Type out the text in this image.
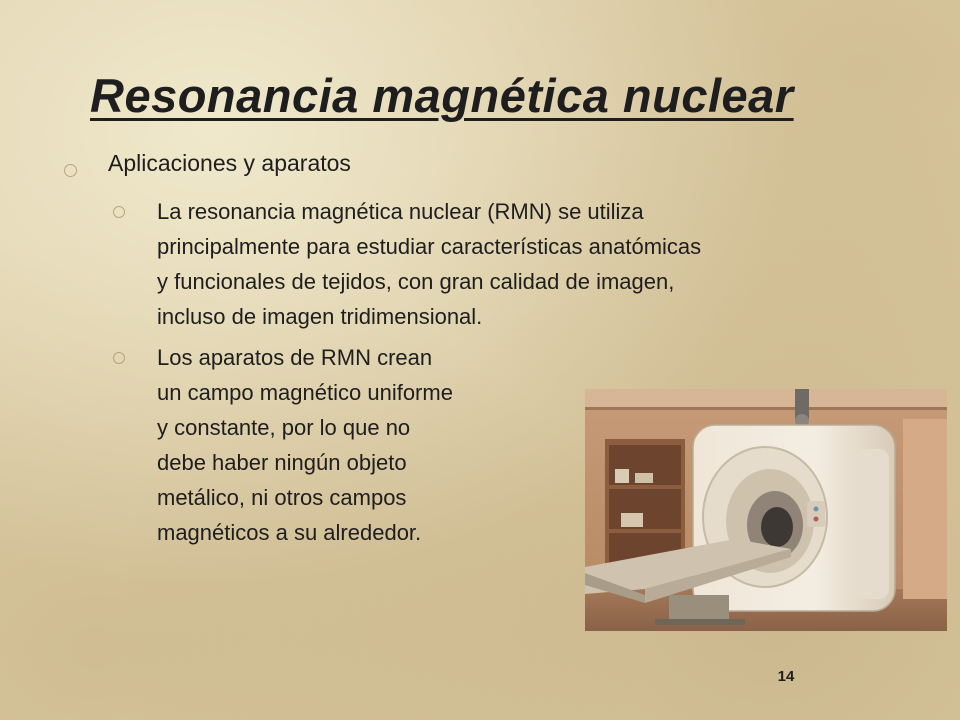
Resonancia magnética nuclear
Aplicaciones y aparatos

La resonancia magnética nuclear (RMN) se utiliza
principalmente para estudiar características anatómicas
y funcionales de tejidos, con gran calidad de imagen,
incluso de imagen tridimensional.

Los aparatos de RMN crean
un campo magnético uniforme
y constante, por lo que no
debe haber ningún objeto
metálico, ni otros campos
magnéticos a su alrededor.

14
